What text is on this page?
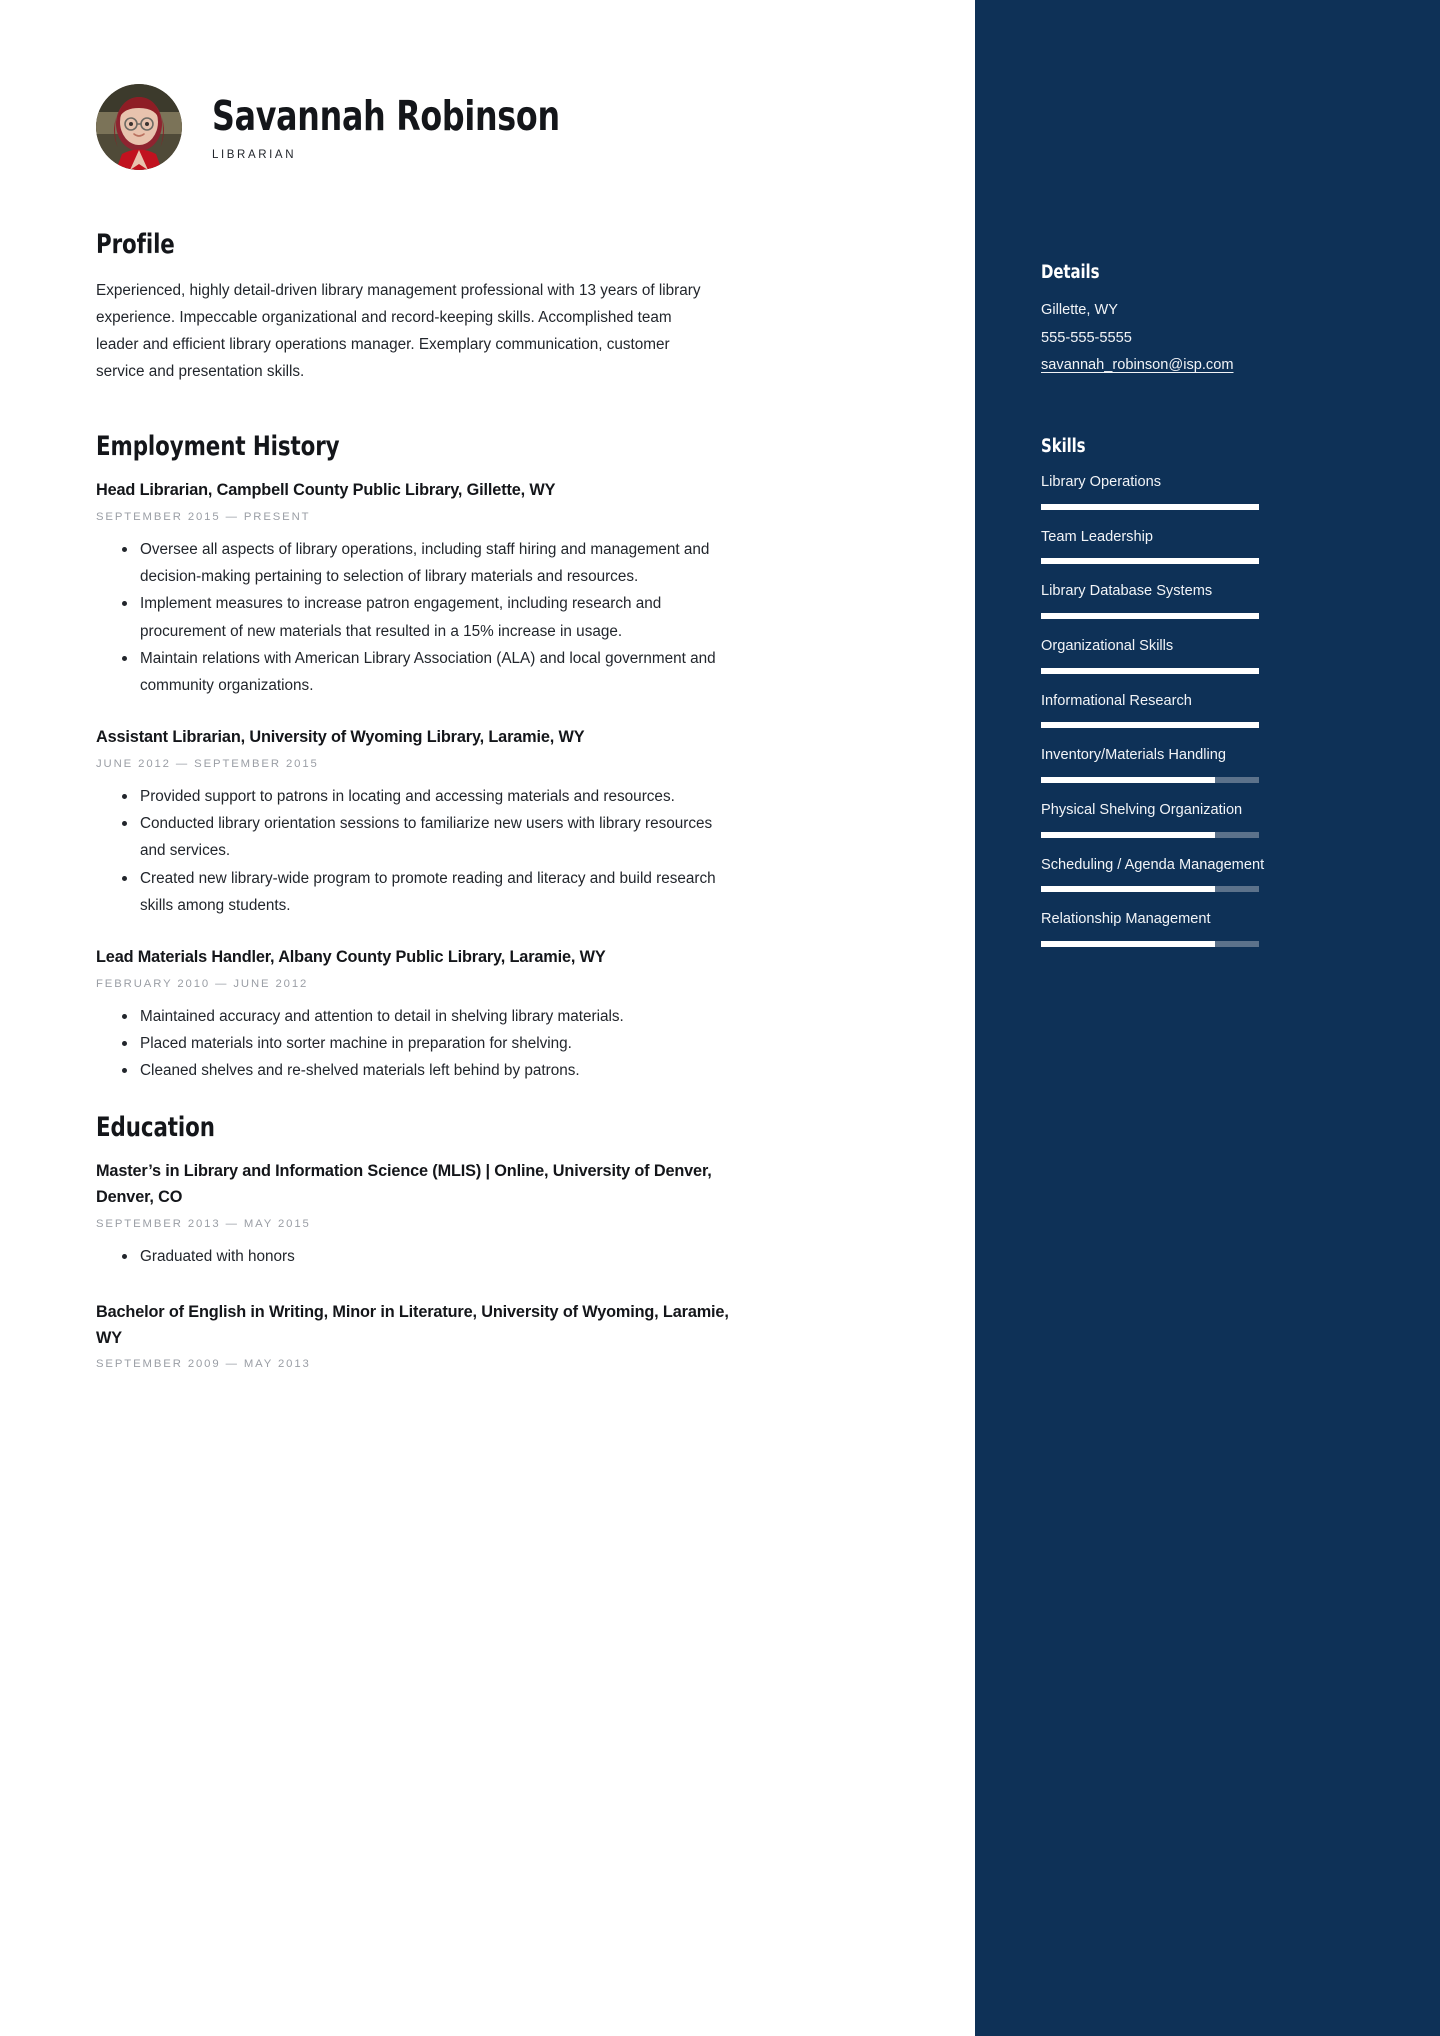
Savannah Robinson
LIBRARIAN
Profile
Experienced, highly detail-driven library management professional with 13 years of library experience. Impeccable organizational and record-keeping skills. Accomplished team leader and efficient library operations manager. Exemplary communication, customer service and presentation skills.
Employment History
Head Librarian, Campbell County Public Library, Gillette, WY
SEPTEMBER 2015 — PRESENT
Oversee all aspects of library operations, including staff hiring and management and decision-making pertaining to selection of library materials and resources.
Implement measures to increase patron engagement, including research and procurement of new materials that resulted in a 15% increase in usage.
Maintain relations with American Library Association (ALA) and local government and community organizations.
Assistant Librarian, University of Wyoming Library, Laramie, WY
JUNE 2012 — SEPTEMBER 2015
Provided support to patrons in locating and accessing materials and resources.
Conducted library orientation sessions to familiarize new users with library resources and services.
Created new library-wide program to promote reading and literacy and build research skills among students.
Lead Materials Handler, Albany County Public Library, Laramie, WY
FEBRUARY 2010 — JUNE 2012
Maintained accuracy and attention to detail in shelving library materials.
Placed materials into sorter machine in preparation for shelving.
Cleaned shelves and re-shelved materials left behind by patrons.
Education
Master’s in Library and Information Science (MLIS) | Online, University of Denver, Denver, CO
SEPTEMBER 2013 — MAY 2015
Graduated with honors
Bachelor of English in Writing, Minor in Literature, University of Wyoming, Laramie, WY
SEPTEMBER 2009 — MAY 2013
Details
Gillette, WY
555-555-5555
savannah_robinson@isp.com
Skills
Library Operations
Team Leadership
Library Database Systems
Organizational Skills
Informational Research
Inventory/Materials Handling
Physical Shelving Organization
Scheduling / Agenda Management
Relationship Management
